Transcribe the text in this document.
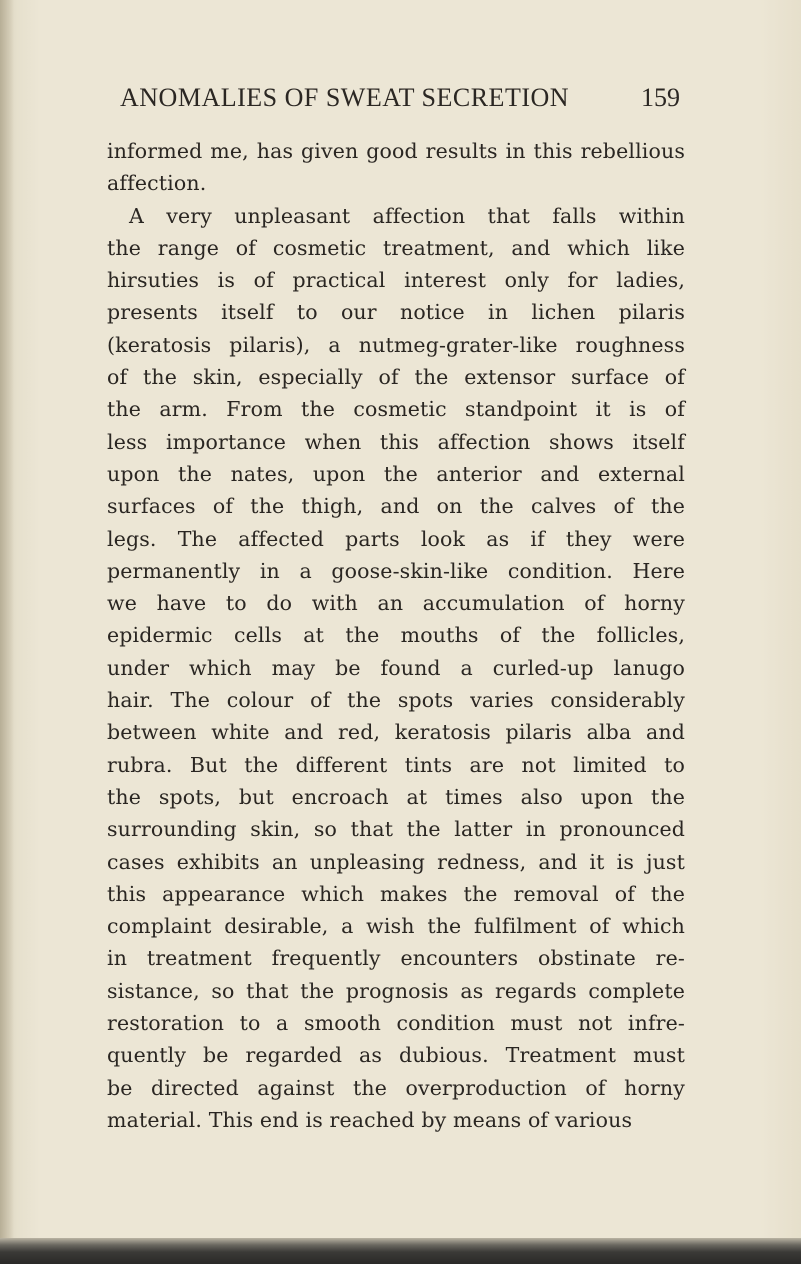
ANOMALIES OF SWEAT SECRETION	159
informed me, has given good results in this rebellious
affection.
A very unpleasant affection that falls within
the range of cosmetic treatment, and which like
hirsuties is of practical interest only for ladies,
presents itself to our notice in lichen pilaris
(keratosis pilaris), a nutmeg-grater-like roughness
of the skin, especially of the extensor surface of
the arm. From the cosmetic standpoint it is of
less importance when this affection shows itself
upon the nates, upon the anterior and external
surfaces of the thigh, and on the calves of the
legs. The affected parts look as if they were
permanently in a goose-skin-like condition. Here
we have to do with an accumulation of horny
epidermic cells at the mouths of the follicles,
under which may be found a curled-up lanugo
hair. The colour of the spots varies considerably
between white and red, keratosis pilaris alba and
rubra. But the different tints are not limited to
the spots, but encroach at times also upon the
surrounding skin, so that the latter in pronounced
cases exhibits an unpleasing redness, and it is just
this appearance which makes the removal of the
complaint desirable, a wish the fulfilment of which
in treatment frequently encounters obstinate re-
sistance, so that the prognosis as regards complete
restoration to a smooth condition must not infre-
quently be regarded as dubious. Treatment must
be directed against the overproduction of horny
material. This end is reached by means of various
